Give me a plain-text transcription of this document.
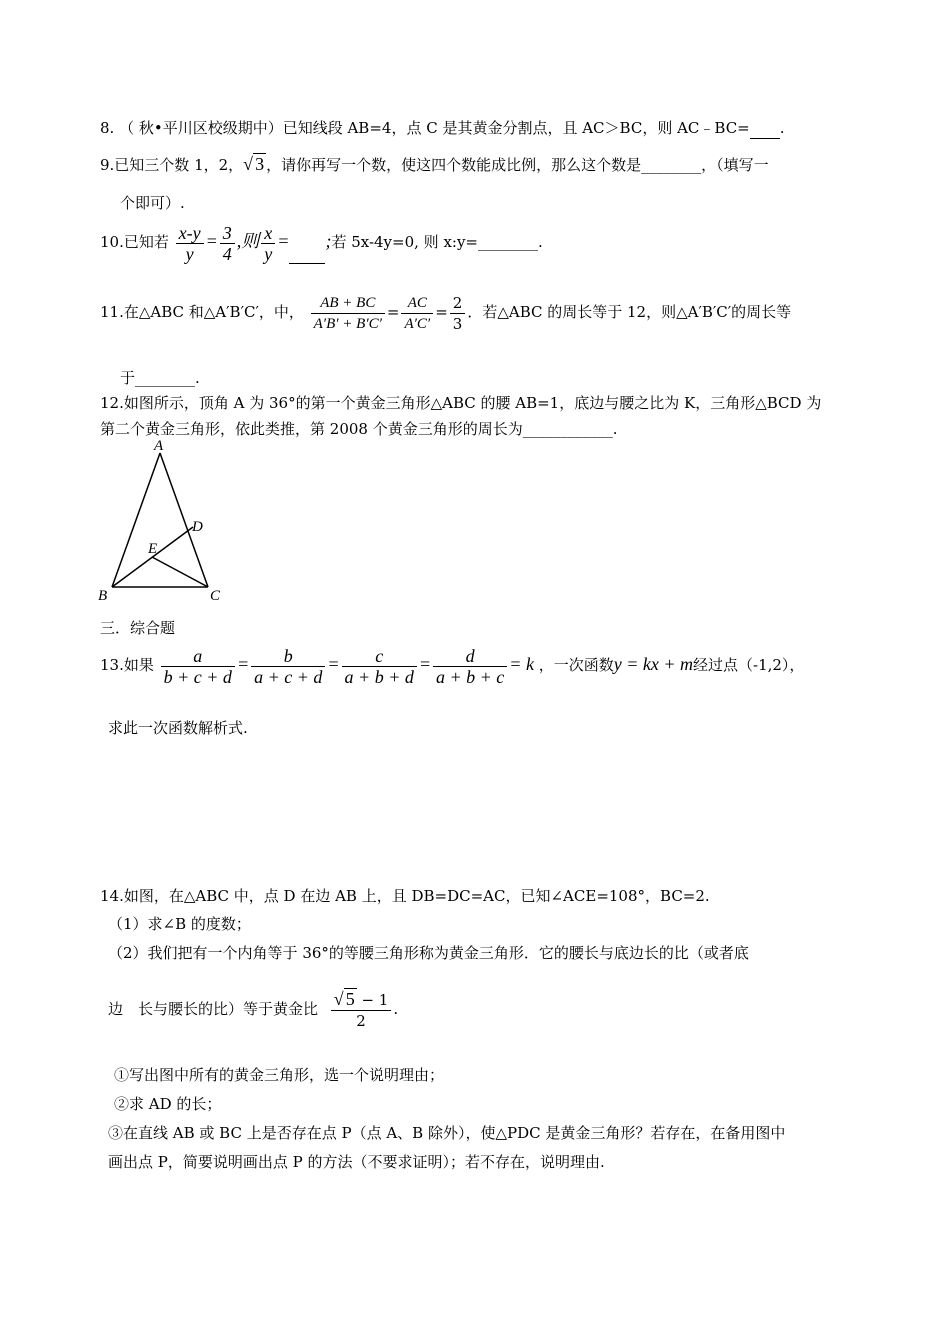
8. （ 秋•平川区校级期中）已知线段 AB=4，点 C 是其黄金分割点，且 AC＞BC，则 AC﹣BC= .
9.已知三个数 1，2，√ 3 ，请你再写一个数，使这四个数能成比例，那么这个数是________，（填写一
个即可）.
10.已知若 $\frac{x-y}{y} = \frac{3}{4}$ ,则 $\frac{x}{y}$ = ;若 5x-4y=0, 则 x:y=________.
11.在△ABC 和△A′B′C′，中， $\frac{AB + BC}{A'B' + B'C'} = \frac{AC}{A'C'} = \frac{2}{3}$ ．若△ABC 的周长等于 12，则△A′B′C′的周长等
于________.
12.如图所示，顶角 A 为 36°的第一个黄金三角形△ABC 的腰 AB=1，底边与腰之比为 K，三角形△BCD 为
第二个黄金三角形，依此类推，第 2008 个黄金三角形的周长为____________.
A
B	C
D
E
三．综合题
13.如果 $\frac{a}{b + c + d} = \frac{b}{a + c + d} = \frac{c}{a + b + d} = \frac{d}{a + b + c} = k$ ，一次函数y = kx + m经过点（-1,2），
求此一次函数解析式.
14.如图，在△ABC 中，点 D 在边 AB 上，且 DB=DC=AC，已知∠ACE=108°，BC=2.
（1）求∠B 的度数；
（2）我们把有一个内角等于 36°的等腰三角形称为黄金三角形．它的腰长与底边长的比（或者底
边　长与腰长的比）等于黄金比 $\frac{√ 5 - 1}{2}$ .
①写出图中所有的黄金三角形，选一个说明理由；
②求 AD 的长；
③在直线 AB 或 BC 上是否存在点 P（点 A、B 除外），使△PDC 是黄金三角形？若存在，在备用图中
画出点 P，简要说明画出点 P 的方法（不要求证明）；若不存在，说明理由.
